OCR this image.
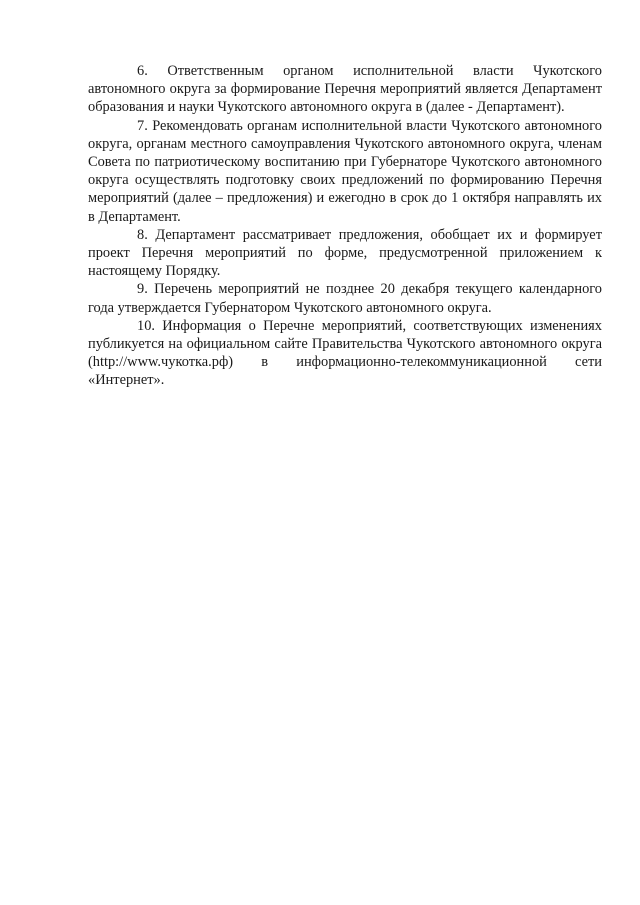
6. Ответственным органом исполнительной власти Чукотского автономного округа за формирование Перечня мероприятий является Департамент образования и науки Чукотского автономного округа в (далее - Департамент).

7. Рекомендовать органам исполнительной власти Чукотского автономного округа, органам местного самоуправления Чукотского автономного округа, членам Совета по патриотическому воспитанию при Губернаторе Чукотского автономного округа осуществлять подготовку своих предложений по формированию Перечня мероприятий (далее – предложения) и ежегодно в срок до 1 октября направлять их в Департамент.

8. Департамент рассматривает предложения, обобщает их и формирует проект Перечня мероприятий по форме, предусмотренной приложением к настоящему Порядку.

9. Перечень мероприятий не позднее 20 декабря текущего календарного года утверждается Губернатором Чукотского автономного округа.

10. Информация о Перечне мероприятий, соответствующих изменениях публикуется на официальном сайте Правительства Чукотского автономного округа (http://www.чукотка.рф) в информационно-телекоммуникационной сети «Интернет».
